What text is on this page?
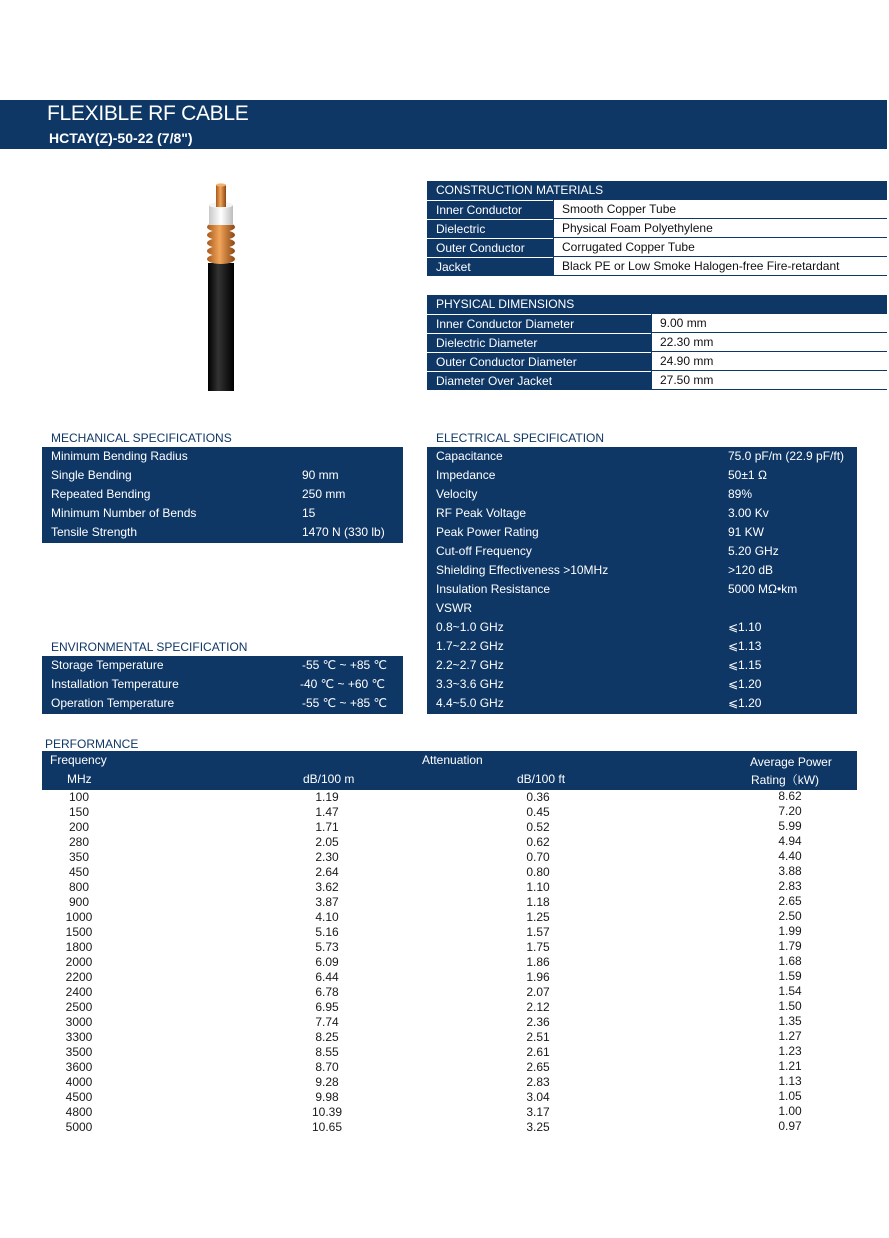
FLEXIBLE RF CABLE
HCTAY(Z)-50-22 (7/8")
CONSTRUCTION MATERIALS
Inner Conductor	Smooth Copper Tube
Dielectric	Physical Foam Polyethylene
Outer Conductor	Corrugated Copper Tube
Jacket	Black PE or Low Smoke Halogen-free Fire-retardant
PHYSICAL DIMENSIONS
Inner Conductor Diameter	9.00 mm
Dielectric Diameter	22.30 mm
Outer Conductor Diameter	24.90 mm
Diameter Over Jacket	27.50 mm
MECHANICAL SPECIFICATIONS
Minimum Bending Radius
Single Bending	90 mm
Repeated Bending	250 mm
Minimum Number of Bends	15
Tensile Strength	1470 N (330 lb)
ENVIRONMENTAL SPECIFICATION
Storage Temperature	-55 ℃ ~ +85 ℃
Installation Temperature	-40 ℃ ~ +60 ℃
Operation Temperature	-55 ℃ ~ +85 ℃
ELECTRICAL SPECIFICATION
Capacitance	75.0 pF/m (22.9 pF/ft)
Impedance	50±1 Ω
Velocity	89%
RF Peak Voltage	3.00 Kv
Peak Power Rating	91 KW
Cut-off Frequency	5.20 GHz
Shielding Effectiveness >10MHz	>120 dB
Insulation Resistance	5000 MΩ•km
VSWR
0.8~1.0 GHz	⩽1.10
1.7~2.2 GHz	⩽1.13
2.2~2.7 GHz	⩽1.15
3.3~3.6 GHz	⩽1.20
4.4~5.0 GHz	⩽1.20
PERFORMANCE
Frequency
MHz
Attenuation
dB/100 m	dB/100 ft
Average Power
Rating（kW)
100	1.19	0.36	8.62
150	1.47	0.45	7.20
200	1.71	0.52	5.99
280	2.05	0.62	4.94
350	2.30	0.70	4.40
450	2.64	0.80	3.88
800	3.62	1.10	2.83
900	3.87	1.18	2.65
1000	4.10	1.25	2.50
1500	5.16	1.57	1.99
1800	5.73	1.75	1.79
2000	6.09	1.86	1.68
2200	6.44	1.96	1.59
2400	6.78	2.07	1.54
2500	6.95	2.12	1.50
3000	7.74	2.36	1.35
3300	8.25	2.51	1.27
3500	8.55	2.61	1.23
3600	8.70	2.65	1.21
4000	9.28	2.83	1.13
4500	9.98	3.04	1.05
4800	10.39	3.17	1.00
5000	10.65	3.25	0.97
